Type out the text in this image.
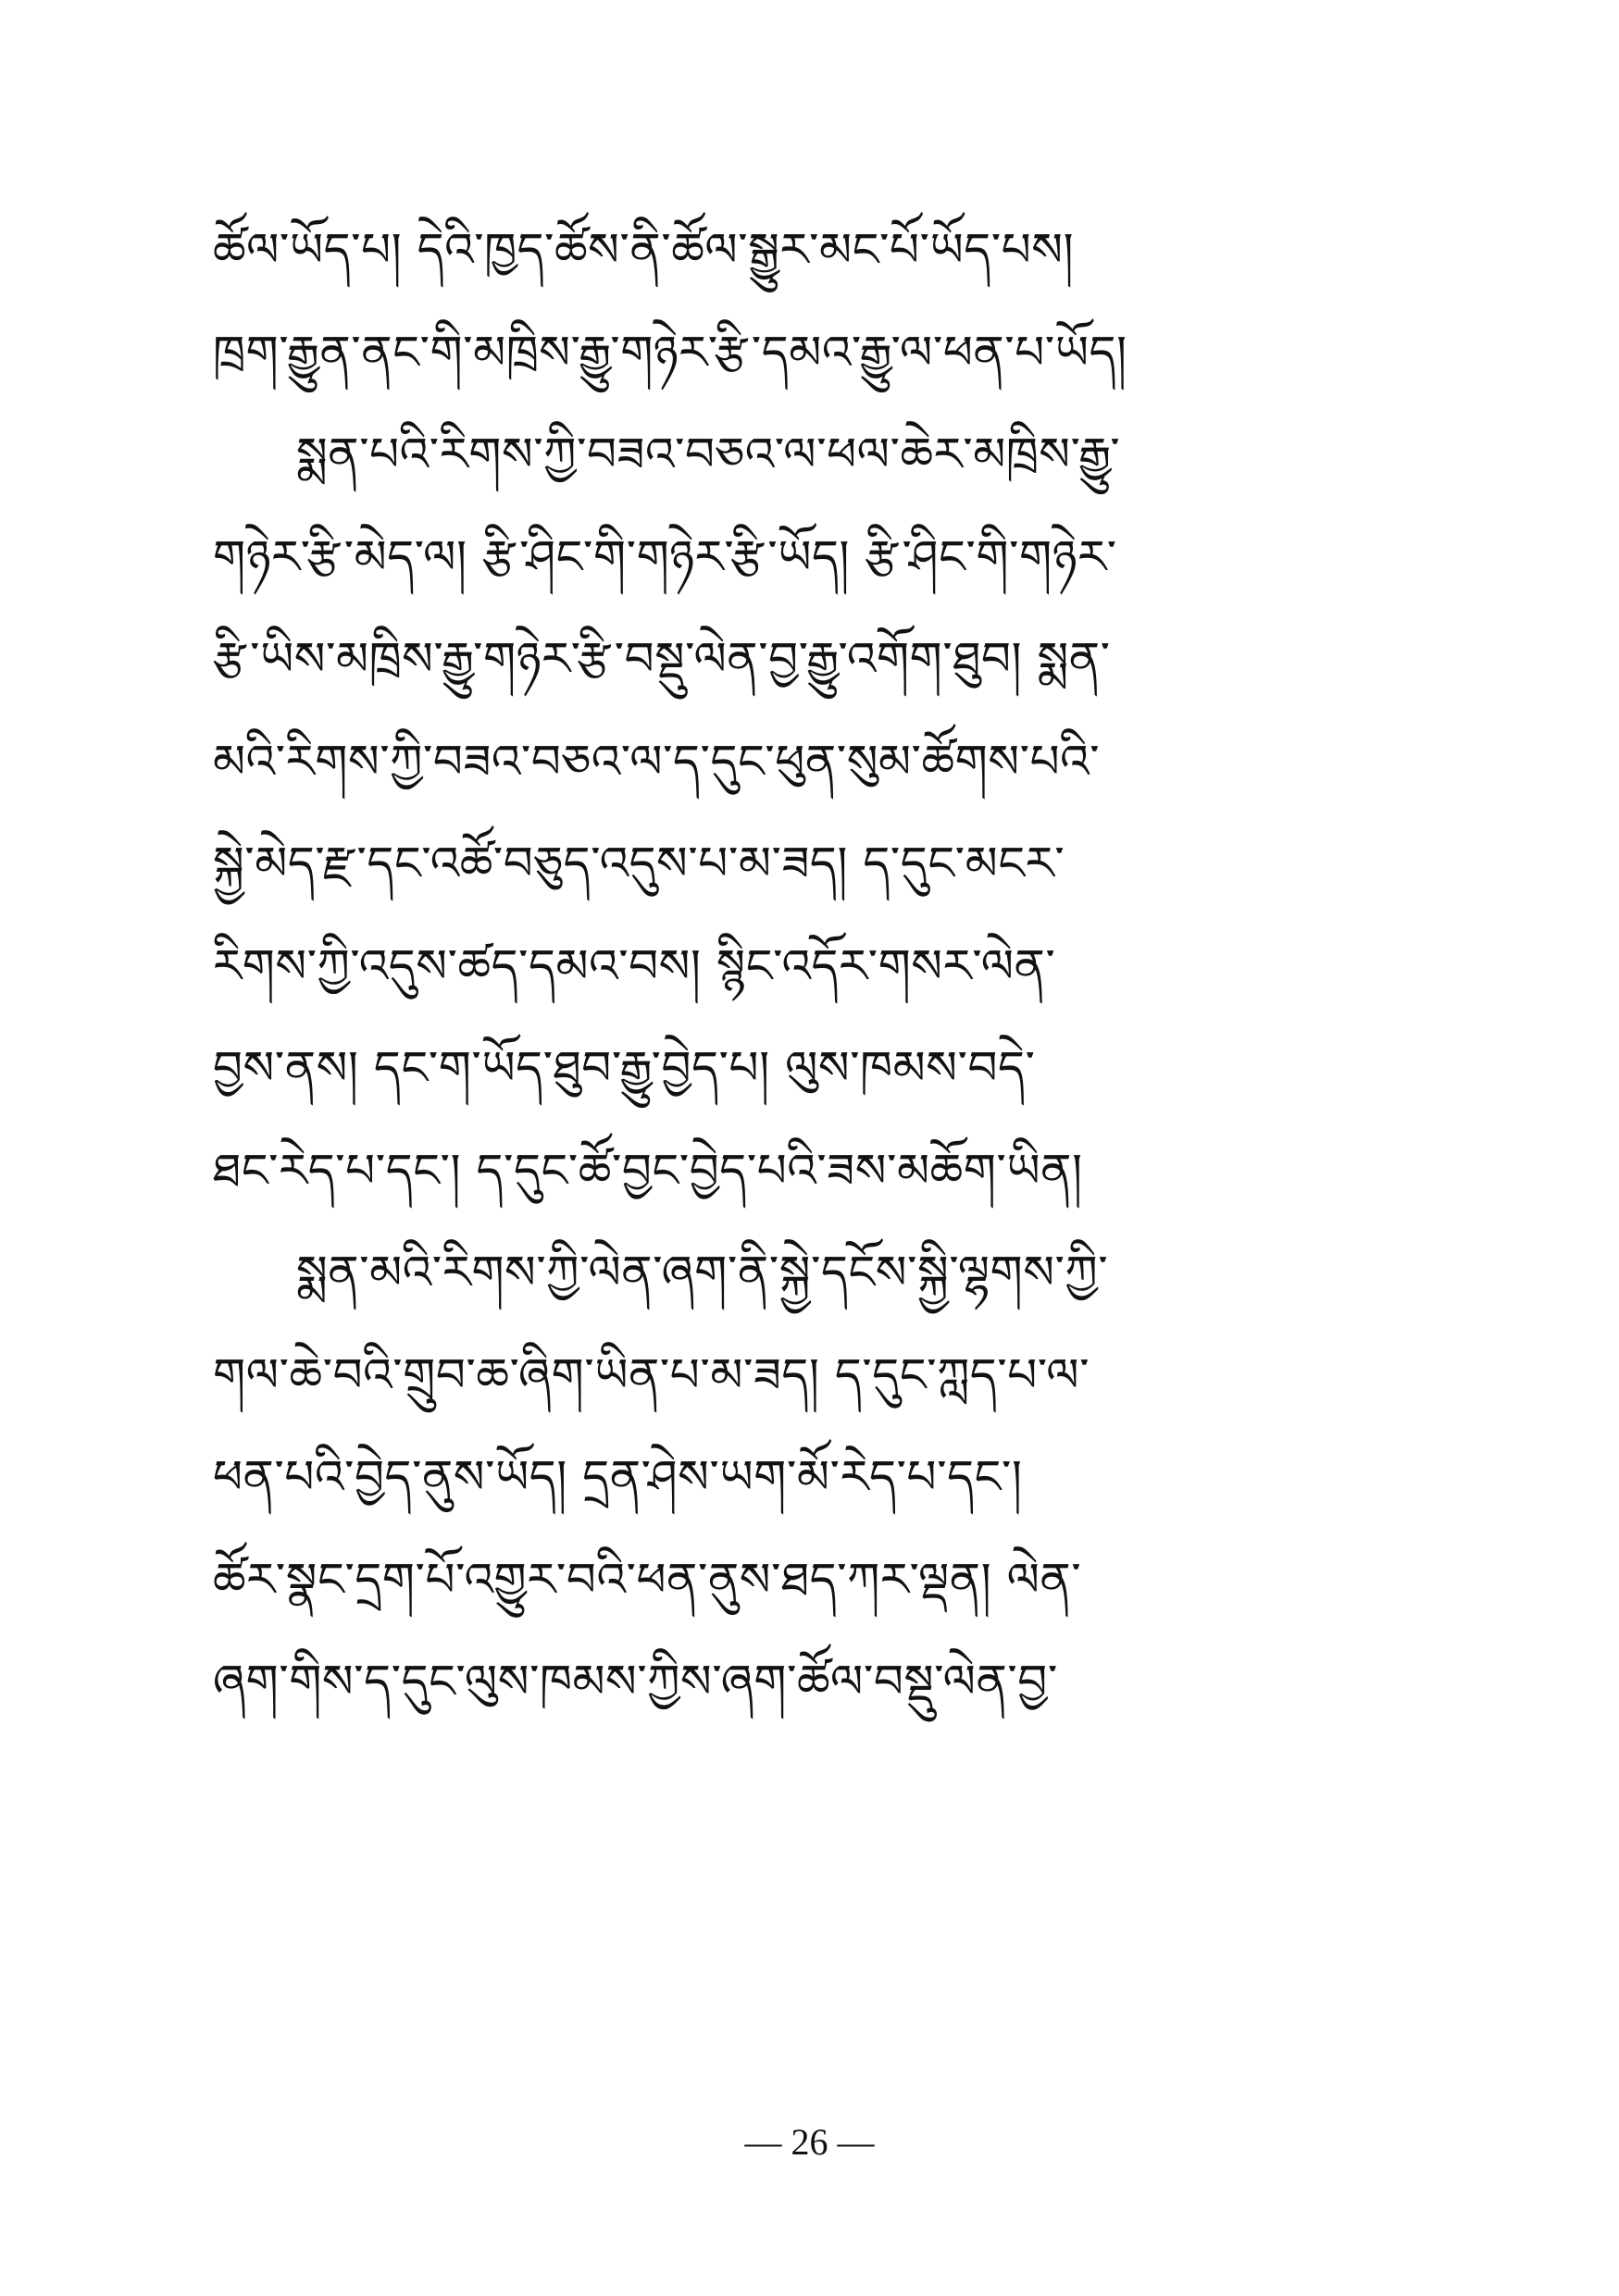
ཚོལ་ཡོད་པ། དེའི་ཁྱད་ཚོས་ནི་ཚོལ་སྒྱུར་མང་པོ་ཡོད་པས།
ཁྲག་རྒྱུན་ནང་གི་མཁྲིས་རྒྱུ་གཉེར་རྩི་དམའ་རྒྱུ་ལ་ཕན་པ་ཡོད།
སྨན་པའི་རིགས་ཀྱི་བཟའ་བཅའ་ལ་ཕལ་ཆེར་མཁྲིས་རྒྱུ་
གཉེར་རྩི་མེད་ལ། རྩི་ཤིང་གི་གཉེར་རྩི་ཡོད། རྩི་ཤིང་གི་གཉེར་
རྩི་ཡིས་མཁྲིས་རྒྱུ་གཉེར་རྩི་བསྡུ་ལེན་བྱ་རྒྱུ་འགོག་ཐུབ། སྨན་
མའི་རིགས་ཀྱི་བཟའ་བཅའ་ལ་ད་དུང་ཕུན་སུམ་ཚོགས་པའི་
སྐྱེ་མེད་རྫ་དང་འཚོ་བཅུད་འདུས་པ་མ་ཟད། ད་དུང་མངར་
རིགས་ཀྱི་འདུས་ཚད་དམའ་བས། སྙིང་འདོར་གསར་ལེན་
བྱས་ནས། དང་ག་ཡོད་ཐུབ་རྒྱུ་བྱེད་པ། ལུས་ཁམས་བདེ་
ཐང་རེད་པ་དང་། ད་དུང་ཚོ་བྱང་བྱེད་པའི་ཟས་མཆོག་ཡིན།
སྨན་མའི་རིགས་ཀྱི་ལེན་ཞག་ནི་སྐྱེ་དངོས་སྐྱི་ལྷགས་ཀྱི་
གལ་ཆེ་བའི་གྲུབ་ཆ་ཞིག་ཡིན་པ་མ་ཟད། ད་དུང་ཀླད་པ་ལ་
ཕན་པའི་བྱེད་ནུས་ཡོད། དྲན་ཤེས་ཡག་མོ་རེད་པ་དང་།
ཚོར་སྣང་དྲག་པོ་འགྱུར་བའི་ཕན་ནུས་ཐད་ཀར་ལྡན། ལེན་
ཞག་གིས་ད་དུང་ལུས་ཁམས་ཀྱིས་ཞག་ཚོལ་བསྡུ་ལེན་བྱ་
— 26 —
